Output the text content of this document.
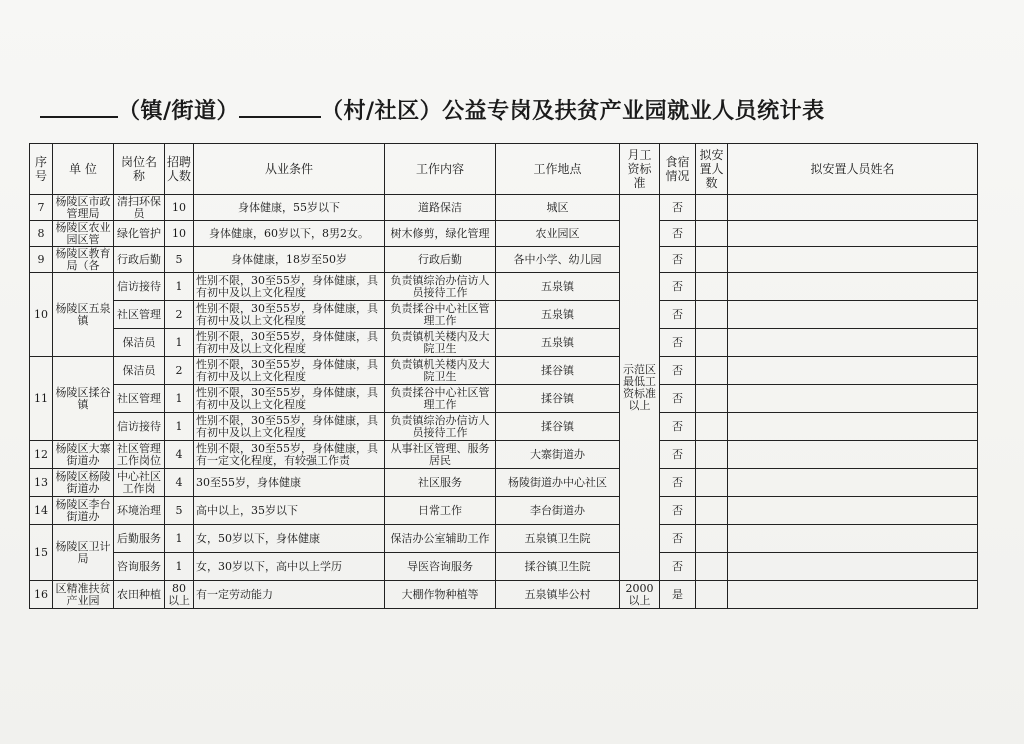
（镇/街道）	（村/社区）公益专岗及扶贫产业园就业人员统计表
序号	单 位	岗位名称	招聘人数	从业条件	工作内容	工作地点	月工资标准	食宿情况	拟安置人数	拟安置人员姓名
7	杨陵区市政管理局	清扫环保员	10	身体健康，55岁以下	道路保洁	城区	示范区最低工资标准以上	否		
8	杨陵区农业园区管	绿化管护	10	身体健康，60岁以下，8男2女。	树木修剪，绿化管理	农业园区		否		
9	杨陵区教育局（各	行政后勤	5	身体健康，18岁至50岁	行政后勤	各中小学、幼儿园		否		
10	杨陵区五泉镇	信访接待	1	性别不限，30至55岁，身体健康，具有初中及以上文化程度	负责镇综治办信访人员接待工作	五泉镇		否		
		社区管理	2	性别不限，30至55岁，身体健康，具有初中及以上文化程度	负责揉谷中心社区管理工作	五泉镇		否		
		保洁员	1	性别不限，30至55岁，身体健康，具有初中及以上文化程度	负责镇机关楼内及大院卫生	五泉镇		否		
11	杨陵区揉谷镇	保洁员	2	性别不限，30至55岁，身体健康，具有初中及以上文化程度	负责镇机关楼内及大院卫生	揉谷镇		否		
		社区管理	1	性别不限，30至55岁，身体健康，具有初中及以上文化程度	负责揉谷中心社区管理工作	揉谷镇		否		
		信访接待	1	性别不限，30至55岁，身体健康，具有初中及以上文化程度	负责镇综治办信访人员接待工作	揉谷镇		否		
12	杨陵区大寨街道办	社区管理工作岗位	4	性别不限，30至55岁，身体健康，具有一定文化程度，有较强工作责	从事社区管理、服务居民	大寨街道办		否		
13	杨陵区杨陵街道办	中心社区工作岗	4	30至55岁，身体健康	社区服务	杨陵街道办中心社区		否		
14	杨陵区李台街道办	环境治理	5	高中以上，35岁以下	日常工作	李台街道办		否		
15	杨陵区卫计局	后勤服务	1	女，50岁以下，身体健康	保洁办公室辅助工作	五泉镇卫生院		否		
		咨询服务	1	女，30岁以下，高中以上学历	导医咨询服务	揉谷镇卫生院		否		
16	区精准扶贫产业园	农田种植	80以上	有一定劳动能力	大棚作物种植等	五泉镇毕公村	2000以上	是		
